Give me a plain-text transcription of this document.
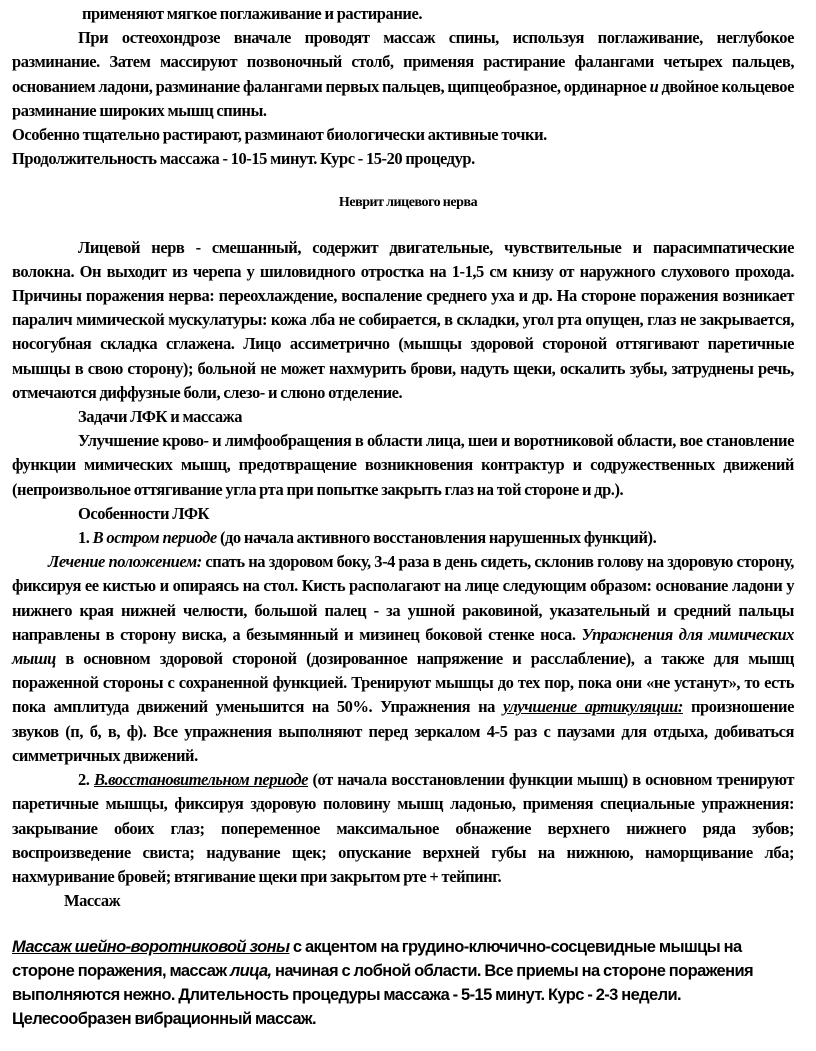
применяют мягкое поглаживание и растирание.

При остеохондрозе вначале проводят массаж спины, используя поглаживание, неглубокое разминание. Затем массируют позвоночный столб, применяя растирание фалангами четырех пальцев, основанием ладони, разминание фалангами первых пальцев, щипцеобразное, ординарное и двойное кольцевое разминание широких мышц спины.

Особенно тщательно растирают, разминают биологически активные точки.

Продолжительность массажа - 10-15 минут. Курс - 15-20 процедур.

Неврит лицевого нерва

Лицевой нерв - смешанный, содержит двигательные, чувствительные и парасимпатические волокна. Он выходит из черепа у шиловидного отростка на 1-1,5 см книзу от наружного слухового прохода. Причины поражения нерва: переохлаждение, воспаление среднего уха и др. На стороне поражения возникает паралич мимической мускулатуры: кожа лба не собирается, в складки, угол рта опущен, глаз не закрывается, носогубная складка сглажена. Лицо ассиметрично (мышцы здоровой стороной оттягивают паретичные мышцы в свою сторону); больной не может нахмурить брови, надуть щеки, оскалить зубы, затруднены речь, отмечаются диффузные боли, слезо- и слюно отделение.

Задачи ЛФК и массажа

Улучшение крово- и лимфообращения в области лица, шеи и воротниковой области, вое становление функции мимических мышц, предотвращение возникновения контрактур и содружественных движений (непроизвольное оттягивание угла рта при попытке закрыть глаз на той стороне и др.).

Особенности ЛФК

1. В остром периоде (до начала активного восстановления нарушенных функций).

Лечение положением: спать на здоровом боку, 3-4 раза в день сидеть, склонив голову на здоровую сторону, фиксируя ее кистью и опираясь на стол. Кисть располагают на лице следующим образом: основание ладони у нижнего края нижней челюсти, большой палец - за ушной раковиной, указательный и средний пальцы направлены в сторону виска, а безымянный и мизинец боковой стенке носа. Упражнения для мимических мышц в основном здоровой стороной (дозированное напряжение и расслабление), а также для мышц пораженной стороны с сохраненной функцией. Тренируют мышцы до тех пор, пока они «не устанут», то есть пока амплитуда движений уменьшится на 50%. Упражнения на улучшение артикуляции: произношение звуков (п, б, в, ф). Все упражнения выполняют перед зеркалом 4-5 раз с паузами для отдыха, добиваться симметричных движений.

2. В.восстановительном периоде (от начала восстановлении функции мышц) в основном тренируют паретичные мышцы, фиксируя здоровую половину мышц ладонью, применяя специальные упражнения: закрывание обоих глаз; попеременное максимальное обнажение верхнего нижнего ряда зубов; воспроизведение свиста; надувание щек; опускание верхней губы на нижнюю, наморщивание лба; нахмуривание бровей; втягивание щеки при закрытом рте + тейпинг.

Массаж

Массаж шейно-воротниковой зоны с акцентом на грудино-ключично-сосцевидные мышцы на стороне поражения, массаж лица, начиная с лобной области. Все приемы на стороне поражения выполняются нежно. Длительность процедуры массажа - 5-15 минут. Курс - 2-3 недели. Целесообразен вибрационный массаж.
